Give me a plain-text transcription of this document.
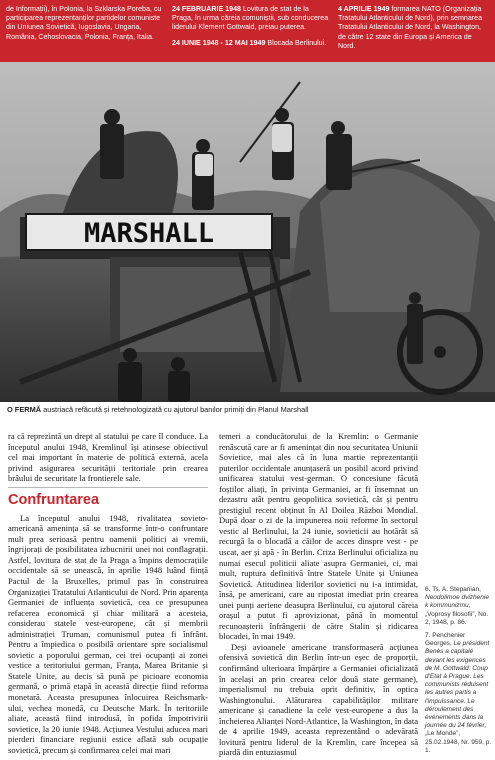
de Informații), în Polonia, la Szklarska Poreba, cu participarea reprezentanților partidelor comuniste din Uniunea Sovietică, Iugoslavia, Ungaria, România, Cehoslovacia, Polonia, Franța, Italia.

24 FEBRUARIE 1948 Lovitura de stat de la Praga, în urma căreia comuniștii, sub conducerea liderului Klement Gottwald, preiau puterea.

24 IUNIE 1948 - 12 MAI 1949 Blocada Berlinului.

4 APRILIE 1949 formarea NATO (Organizația Tratatului Atlanticului de Nord), prin semnarea Tratatului Atlanticului de Nord, la Washington, de către 12 state din Europa și America de Nord.

MARSHALL
O FERMĂ austriacă refăcută și retehnologizată cu ajutorul banilor primiți din Planul Marshall

ra că reprezintă un drept al statului pe care îl conduce. La începutul anului 1948, Kremlinul își atinsese obiectivul cel mai important în materie de politică externă, acela privind asigurarea securității teritoriale prin crearea brâului de securitate la frontierele sale.

Confruntarea

La începutul anului 1948, rivalitatea sovieto-americană amenința să se transforme într-o confruntare mult prea serioasă pentru oamenii politici ai vremii, îngrijorați de posibilitatea izbucnirii unei noi conflagrații. Astfel, lovitura de stat de la Praga a împins democrațiile occidentale să se unească, în aprilie 1948 luând ființă Pactul de la Bruxelles, primul pas în construirea Organizației Tratatului Atlanticului de Nord. Prin aparența Germaniei de influența sovietică, cea ce presupunea refacerea economică și chiar militară a acesteia, considerau statele vest-europene, cât și membrii administrației Truman, comunismul putea fi înfrânt. Pentru a împiedica o posibilă orientare spre socialismul sovietic a poporului german, cei trei ocupanți ai zonei vestice a teritoriului german, Franța, Marea Britanie și Statele Unite, au decis să pună pe picioare economia germană, o primă etapă în această direcție fiind reforma monetară. Aceasta presupunea înlocuirea Reichsmark-ului, vechea monedă, cu Deutsche Mark. În teritoriile aliate, această fiind introdusă, în pofida împotrivirii sovietice, la 20 iunie 1948. Acțiunea Vestului aducea mari pierderi financiare regiunii estice aflată sub ocupație sovietică, precum și confirmarea celei mai mari

temeri a conducătorului de la Kremlin: o Germanie renăscută care ar fi amenințat din nou securitatea Uniunii Sovietice, mai ales că în luna martie reprezentanții puterilor occidentale anunțaseră un posibil acord privind unificarea statului vest-german. O concesiune făcută foștilor aliați, în privința Germaniei, ar fi însemnat un dezastru atât pentru geopolitica sovietică, cât și pentru prestigiul recent obținut în Al Doilea Război Mondial. După doar o zi de la impunerea noii reforme în sectorul vestic al Berlinului, la 24 iunie, sovieticii au hotărât să recurgă la o blocadă a căilor de acces dinspre vest - pe uscat, aer și apă - în Berlin. Criza Berlinului oficializa nu numai esecul politicii aliate asupra Germaniei, ci, mai mult, ruptura definitivă între Statele Unite și Uniunea Sovietică. Atitudinea liderilor sovietici nu i-a intimidat, însă, pe americani, care au ripostat imediat prin crearea unei punți aeriene deasupra Berlinului, cu ajutorul căreia orașul a putut fi aprovizionat, până în momentul recunoașterii înfrângerii de către Stalin și ridicarea blocadei, în mai 1949.

Deși avioanele americane transformaseră acțiunea ofensivă sovietică din Berlin într-un eșec de proporții, confirmând ulterioara împărțire a Germaniei oficializată în același an prin crearea celor două state germane), imperialismul nu trebuia oprit definitiv, în optica Washingtonului. Alăturarea capabilităților militare americane și canadiene la cele vest-europene a dus la încheierea Alianței Nord-Atlantice, la Washington, în data de 4 aprilie 1949, aceasta reprezentând o adevărată lovitură pentru liderul de la Kremlin, care începea să piardă din entuziasmul

6. Ts. A. Stepanian, Neodolimoe dvizhenie k kommunizmu, „Voprosy filosofii”, No. 2, 1948, p. 86.

7. Penchenier Georges, Le président Benès a capitalé devant les exigences de M. Gottwald: Coup d'Etat à Prague. Les communists réduisent les autres partis a l'impuissance. Le déroulement des événements dans la journée du 24 février, „Le Monde”, 25.02.1948, Nr. 959, p. 1.
